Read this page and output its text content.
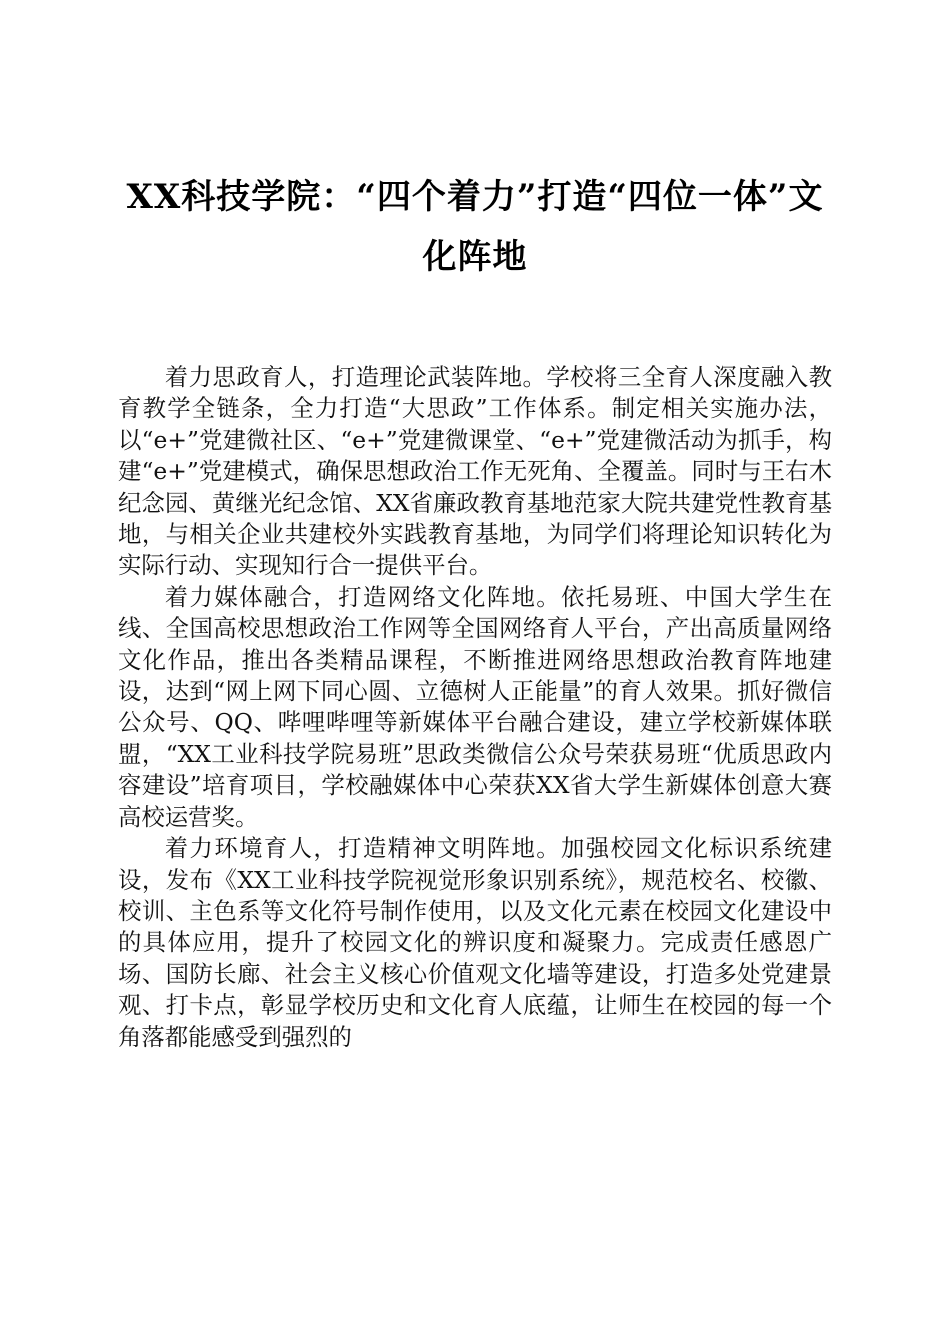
XX科技学院：“四个着力”打造“四位一体”文化阵地

着力思政育人，打造理论武装阵地。学校将三全育人深度融入教育教学全链条，全力打造“大思政”工作体系。制定相关实施办法，以“e+”党建微社区、“e+”党建微课堂、“e+”党建微活动为抓手，构建“e+”党建模式，确保思想政治工作无死角、全覆盖。同时与王右木纪念园、黄继光纪念馆、XX省廉政教育基地范家大院共建党性教育基地，与相关企业共建校外实践教育基地，为同学们将理论知识转化为实际行动、实现知行合一提供平台。

着力媒体融合，打造网络文化阵地。依托易班、中国大学生在线、全国高校思想政治工作网等全国网络育人平台，产出高质量网络文化作品，推出各类精品课程，不断推进网络思想政治教育阵地建设，达到“网上网下同心圆、立德树人正能量”的育人效果。抓好微信公众号、QQ、哔哩哔哩等新媒体平台融合建设，建立学校新媒体联盟，“XX工业科技学院易班”思政类微信公众号荣获易班“优质思政内容建设”培育项目，学校融媒体中心荣获XX省大学生新媒体创意大赛高校运营奖。

着力环境育人，打造精神文明阵地。加强校园文化标识系统建设，发布《XX工业科技学院视觉形象识别系统》，规范校名、校徽、校训、主色系等文化符号制作使用，以及文化元素在校园文化建设中的具体应用，提升了校园文化的辨识度和凝聚力。完成责任感恩广场、国防长廊、社会主义核心价值观文化墙等建设，打造多处党建景观、打卡点，彰显学校历史和文化育人底蕴，让师生在校园的每一个角落都能感受到强烈的
